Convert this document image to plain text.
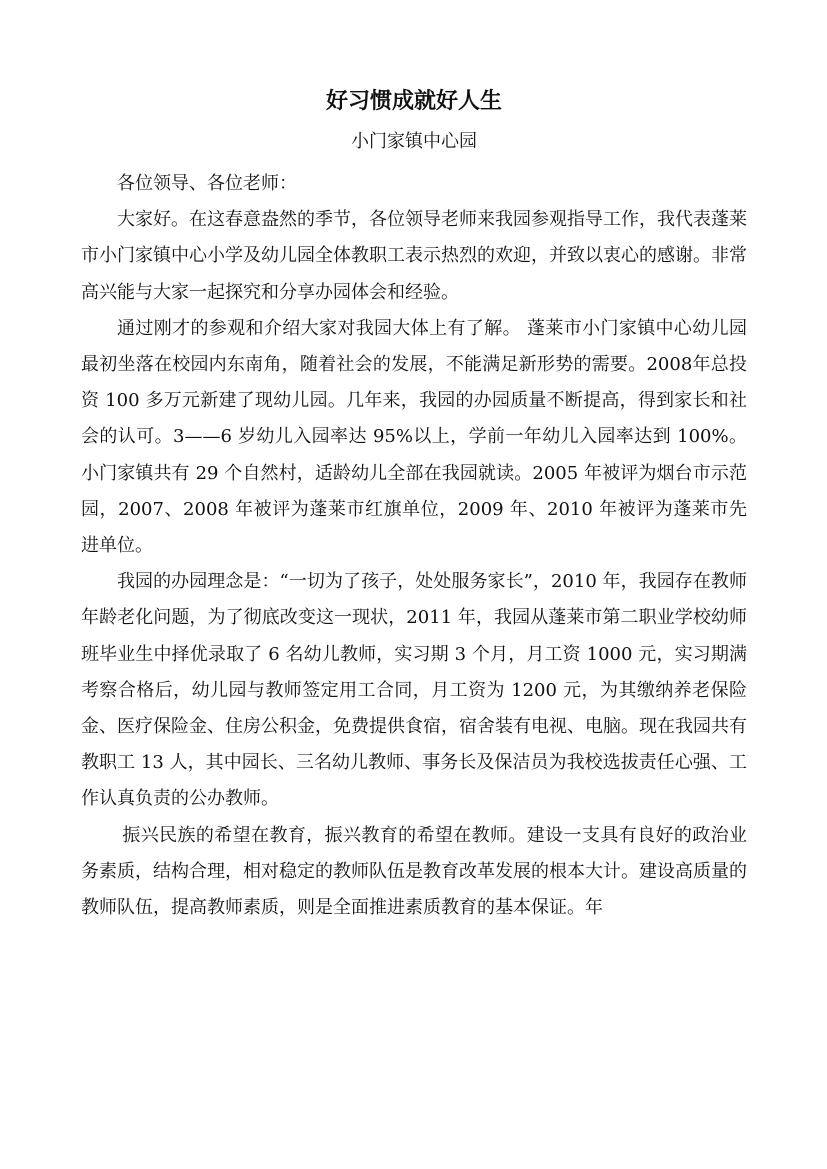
好习惯成就好人生
小门家镇中心园

各位领导、各位老师：

大家好。在这春意盎然的季节，各位领导老师来我园参观指导工作，我代表蓬莱市小门家镇中心小学及幼儿园全体教职工表示热烈的欢迎，并致以衷心的感谢。非常高兴能与大家一起探究和分享办园体会和经验。

通过刚才的参观和介绍大家对我园大体上有了解。 蓬莱市小门家镇中心幼儿园最初坐落在校园内东南角，随着社会的发展，不能满足新形势的需要。2008年总投资 100 多万元新建了现幼儿园。几年来，我园的办园质量不断提高，得到家长和社会的认可。3——6 岁幼儿入园率达 95%以上，学前一年幼儿入园率达到 100%。小门家镇共有 29 个自然村，适龄幼儿全部在我园就读。2005 年被评为烟台市示范园，2007、2008 年被评为蓬莱市红旗单位，2009 年、2010 年被评为蓬莱市先进单位。

我园的办园理念是：“一切为了孩子，处处服务家长”，2010 年，我园存在教师年龄老化问题，为了彻底改变这一现状，2011 年，我园从蓬莱市第二职业学校幼师班毕业生中择优录取了 6 名幼儿教师，实习期 3 个月，月工资 1000 元，实习期满考察合格后，幼儿园与教师签定用工合同，月工资为 1200 元，为其缴纳养老保险金、医疗保险金、住房公积金，免费提供食宿，宿舍装有电视、电脑。现在我园共有教职工 13 人，其中园长、三名幼儿教师、事务长及保洁员为我校选拔责任心强、工作认真负责的公办教师。

振兴民族的希望在教育，振兴教育的希望在教师。建设一支具有良好的政治业务素质，结构合理，相对稳定的教师队伍是教育改革发展的根本大计。建设高质量的教师队伍，提高教师素质，则是全面推进素质教育的基本保证。年
